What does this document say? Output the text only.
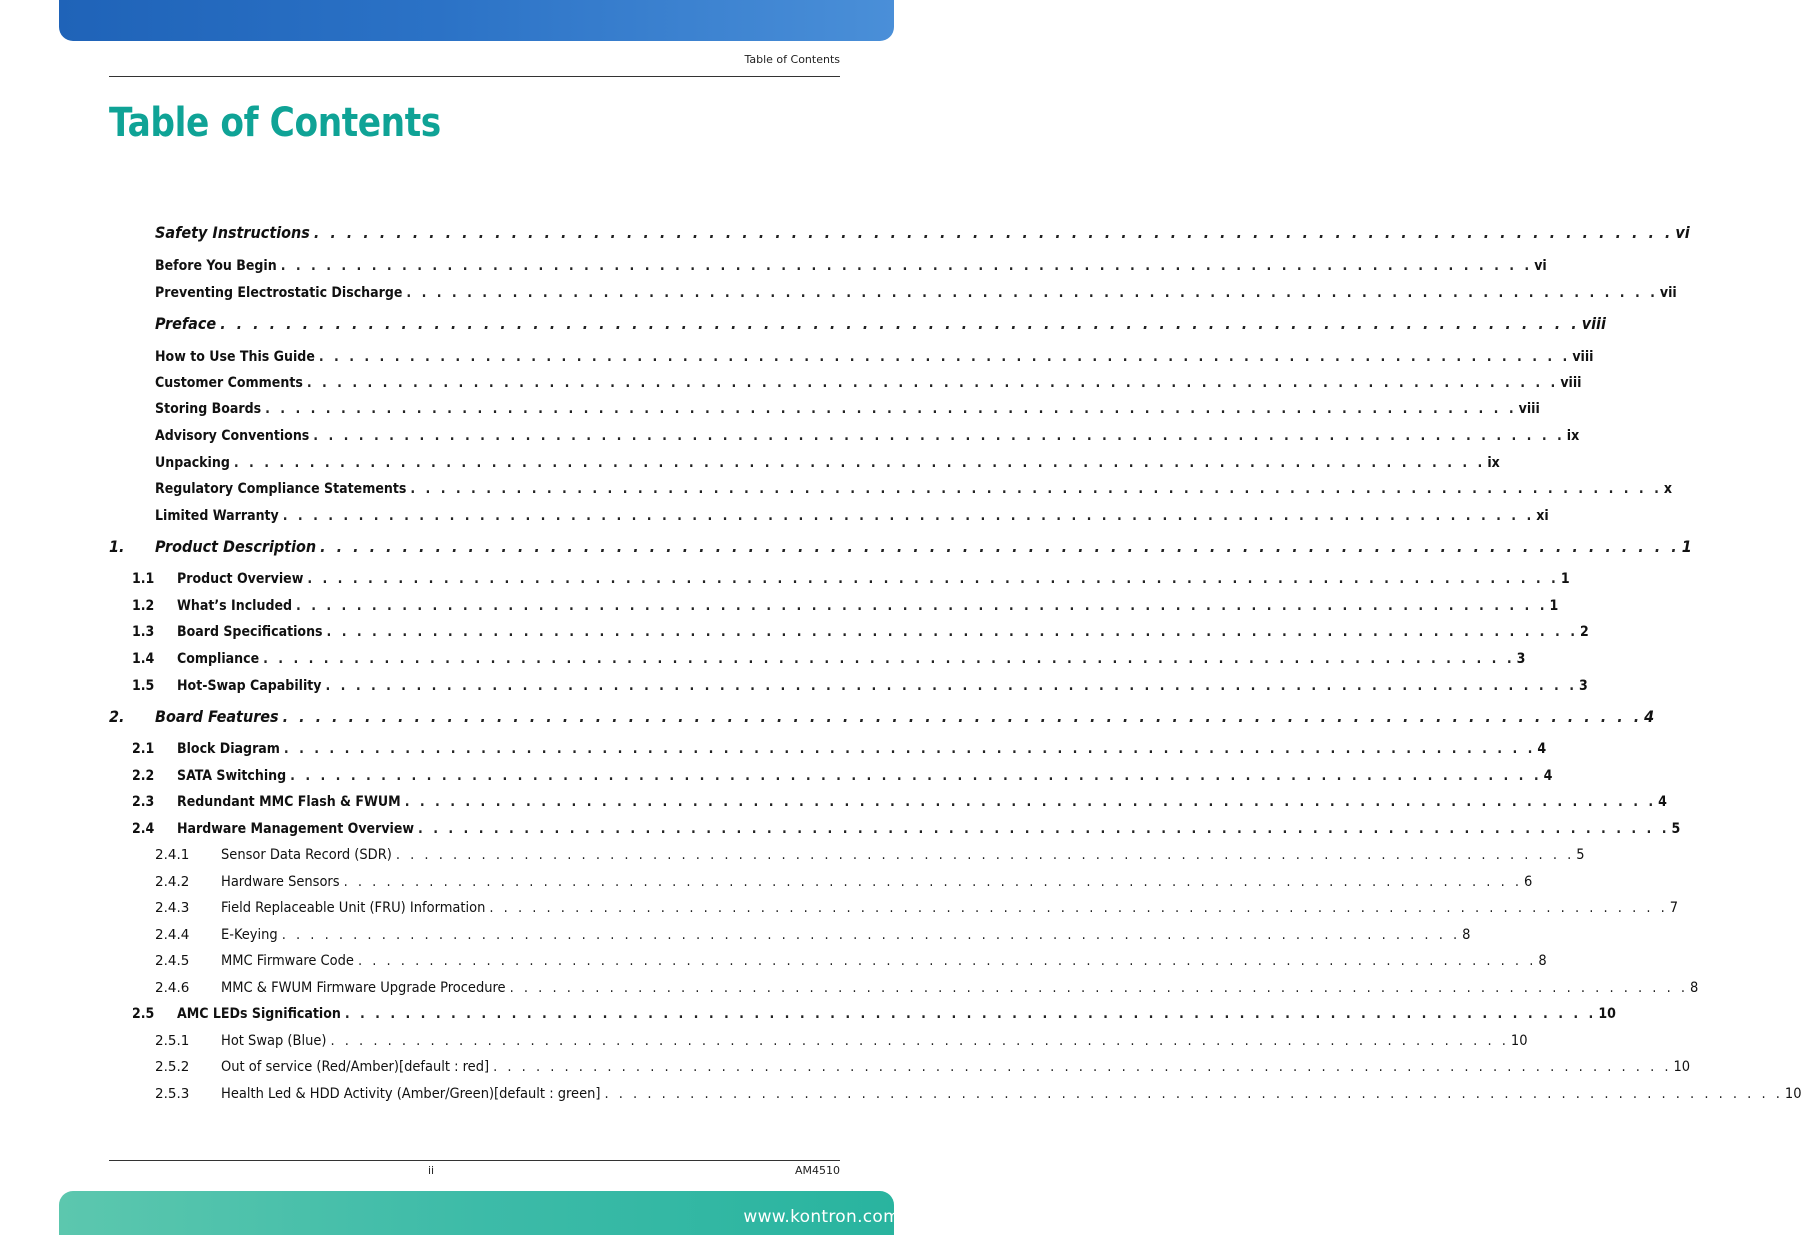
Table of Contents
Table of Contents
Safety Instructions . . . . . . . . . . . . . . . . . . . . . . . . . . . . . . . . . . . . . . . . . . . . . . . . . . . . . . . . . . . . . . . . . . . . . . . . . . . . . . . . . . . vi
Before You Begin . . . . . . . . . . . . . . . . . . . . . . . . . . . . . . . . . . . . . . . . . . . . . . . . . . . . . . . . . . . . . . . . . . . . . . . . . . . . . . . . . . . vi
Preventing Electrostatic Discharge . . . . . . . . . . . . . . . . . . . . . . . . . . . . . . . . . . . . . . . . . . . . . . . . . . . . . . . . . . . . . . . . . . . . . . . . . . . . . . . . . . . vii
Preface . . . . . . . . . . . . . . . . . . . . . . . . . . . . . . . . . . . . . . . . . . . . . . . . . . . . . . . . . . . . . . . . . . . . . . . . . . . . . . . . . . . viii
How to Use This Guide . . . . . . . . . . . . . . . . . . . . . . . . . . . . . . . . . . . . . . . . . . . . . . . . . . . . . . . . . . . . . . . . . . . . . . . . . . . . . . . . . . . viii
Customer Comments . . . . . . . . . . . . . . . . . . . . . . . . . . . . . . . . . . . . . . . . . . . . . . . . . . . . . . . . . . . . . . . . . . . . . . . . . . . . . . . . . . . viii
Storing Boards . . . . . . . . . . . . . . . . . . . . . . . . . . . . . . . . . . . . . . . . . . . . . . . . . . . . . . . . . . . . . . . . . . . . . . . . . . . . . . . . . . . viii
Advisory Conventions . . . . . . . . . . . . . . . . . . . . . . . . . . . . . . . . . . . . . . . . . . . . . . . . . . . . . . . . . . . . . . . . . . . . . . . . . . . . . . . . . . . ix
Unpacking . . . . . . . . . . . . . . . . . . . . . . . . . . . . . . . . . . . . . . . . . . . . . . . . . . . . . . . . . . . . . . . . . . . . . . . . . . . . . . . . . . . ix
Regulatory Compliance Statements . . . . . . . . . . . . . . . . . . . . . . . . . . . . . . . . . . . . . . . . . . . . . . . . . . . . . . . . . . . . . . . . . . . . . . . . . . . . . . . . . . . x
Limited Warranty . . . . . . . . . . . . . . . . . . . . . . . . . . . . . . . . . . . . . . . . . . . . . . . . . . . . . . . . . . . . . . . . . . . . . . . . . . . . . . . . . . . xi
1.	Product Description . . . . . . . . . . . . . . . . . . . . . . . . . . . . . . . . . . . . . . . . . . . . . . . . . . . . . . . . . . . . . . . . . . . . . . . . . . . . . . . . . . . 1
1.1	Product Overview . . . . . . . . . . . . . . . . . . . . . . . . . . . . . . . . . . . . . . . . . . . . . . . . . . . . . . . . . . . . . . . . . . . . . . . . . . . . . . . . . . . 1
1.2	What’s Included . . . . . . . . . . . . . . . . . . . . . . . . . . . . . . . . . . . . . . . . . . . . . . . . . . . . . . . . . . . . . . . . . . . . . . . . . . . . . . . . . . . 1
1.3	Board Specifications . . . . . . . . . . . . . . . . . . . . . . . . . . . . . . . . . . . . . . . . . . . . . . . . . . . . . . . . . . . . . . . . . . . . . . . . . . . . . . . . . . . 2
1.4	Compliance . . . . . . . . . . . . . . . . . . . . . . . . . . . . . . . . . . . . . . . . . . . . . . . . . . . . . . . . . . . . . . . . . . . . . . . . . . . . . . . . . . . 3
1.5	Hot-Swap Capability . . . . . . . . . . . . . . . . . . . . . . . . . . . . . . . . . . . . . . . . . . . . . . . . . . . . . . . . . . . . . . . . . . . . . . . . . . . . . . . . . . . 3
2.	Board Features . . . . . . . . . . . . . . . . . . . . . . . . . . . . . . . . . . . . . . . . . . . . . . . . . . . . . . . . . . . . . . . . . . . . . . . . . . . . . . . . . . . 4
2.1	Block Diagram . . . . . . . . . . . . . . . . . . . . . . . . . . . . . . . . . . . . . . . . . . . . . . . . . . . . . . . . . . . . . . . . . . . . . . . . . . . . . . . . . . . 4
2.2	SATA Switching . . . . . . . . . . . . . . . . . . . . . . . . . . . . . . . . . . . . . . . . . . . . . . . . . . . . . . . . . . . . . . . . . . . . . . . . . . . . . . . . . . . 4
2.3	Redundant MMC Flash & FWUM . . . . . . . . . . . . . . . . . . . . . . . . . . . . . . . . . . . . . . . . . . . . . . . . . . . . . . . . . . . . . . . . . . . . . . . . . . . . . . . . . . . 4
2.4	Hardware Management Overview . . . . . . . . . . . . . . . . . . . . . . . . . . . . . . . . . . . . . . . . . . . . . . . . . . . . . . . . . . . . . . . . . . . . . . . . . . . . . . . . . . . 5
2.4.1	Sensor Data Record (SDR) . . . . . . . . . . . . . . . . . . . . . . . . . . . . . . . . . . . . . . . . . . . . . . . . . . . . . . . . . . . . . . . . . . . . . . . . . . . . . . . . . . . 5
2.4.2	Hardware Sensors . . . . . . . . . . . . . . . . . . . . . . . . . . . . . . . . . . . . . . . . . . . . . . . . . . . . . . . . . . . . . . . . . . . . . . . . . . . . . . . . . . . 6
2.4.3	Field Replaceable Unit (FRU) Information . . . . . . . . . . . . . . . . . . . . . . . . . . . . . . . . . . . . . . . . . . . . . . . . . . . . . . . . . . . . . . . . . . . . . . . . . . . . . . . . . . . 7
2.4.4	E-Keying . . . . . . . . . . . . . . . . . . . . . . . . . . . . . . . . . . . . . . . . . . . . . . . . . . . . . . . . . . . . . . . . . . . . . . . . . . . . . . . . . . . 8
2.4.5	MMC Firmware Code . . . . . . . . . . . . . . . . . . . . . . . . . . . . . . . . . . . . . . . . . . . . . . . . . . . . . . . . . . . . . . . . . . . . . . . . . . . . . . . . . . . 8
2.4.6	MMC & FWUM Firmware Upgrade Procedure . . . . . . . . . . . . . . . . . . . . . . . . . . . . . . . . . . . . . . . . . . . . . . . . . . . . . . . . . . . . . . . . . . . . . . . . . . . . . . . . . . . 8
2.5	AMC LEDs Signification . . . . . . . . . . . . . . . . . . . . . . . . . . . . . . . . . . . . . . . . . . . . . . . . . . . . . . . . . . . . . . . . . . . . . . . . . . . . . . . . . . . 10
2.5.1	Hot Swap (Blue) . . . . . . . . . . . . . . . . . . . . . . . . . . . . . . . . . . . . . . . . . . . . . . . . . . . . . . . . . . . . . . . . . . . . . . . . . . . . . . . . . . . 10
2.5.2	Out of service (Red/Amber)[default : red] . . . . . . . . . . . . . . . . . . . . . . . . . . . . . . . . . . . . . . . . . . . . . . . . . . . . . . . . . . . . . . . . . . . . . . . . . . . . . . . . . . . 10
2.5.3	Health Led & HDD Activity (Amber/Green)[default : green] . . . . . . . . . . . . . . . . . . . . . . . . . . . . . . . . . . . . . . . . . . . . . . . . . . . . . . . . . . . . . . . . . . . . . . . . . . . . . . . . . . . 10
ii	AM4510
www.kontron.com
